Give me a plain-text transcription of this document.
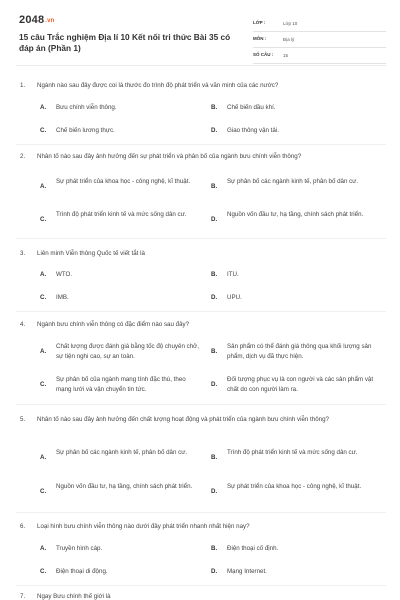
2048.vn
15 câu Trắc nghiệm Địa lí 10 Kết nối tri thức Bài 35 có đáp án (Phần 1)
LỚP :	Lớp 10
MÔN :	Địa lý
SỐ CÂU : 15
1. Ngành nào sau đây được coi là thước đo trình độ phát triển và văn minh của các nước?
A. Bưu chính viễn thông.	B. Chế biến dầu khí.
C. Chế biến lương thực.	D. Giao thông vận tải.
2. Nhân tố nào sau đây ảnh hưởng đến sự phát triển và phân bố của ngành bưu chính viễn thông?
A.
Sự phát triển của khoa học - công nghệ, kĩ thuật.
B.
Sự phân bố các ngành kinh tế, phân bố dân cư.
C.
Trình độ phát triển kinh tế và mức sống dân cư.
D.
Nguồn vốn đầu tư, hạ tầng, chính sách phát triển.
3. Liên minh Viễn thông Quốc tế viết tắt là
A. WTO.	B. ITU.
C. IMB.	D. UPU.
4. Ngành bưu chính viễn thông có đặc điểm nào sau đây?
A.
Chất lượng được đánh giá bằng tốc độ chuyên chở, sự tiện nghi cao, sự an toàn.
B.
Sản phẩm có thể đánh giá thông qua khối lượng sản phẩm, dịch vụ đã thực hiện.
C.
Sự phân bố của ngành mang tính đặc thù, theo mạng lưới và vận chuyển tin tức.
D.
Đối tượng phục vụ là con người và các sản phẩm vật chất do con người làm ra.
5. Nhân tố nào sau đây ảnh hưởng đến chất lượng hoạt động và phát triển của ngành bưu chính viễn thông?
A.
Sự phân bố các ngành kinh tế, phân bố dân cư.
B.
Trình độ phát triển kinh tế và mức sống dân cư.
C.
Nguồn vốn đầu tư, hạ tầng, chính sách phát triển.
D.
Sự phát triển của khoa học - công nghệ, kĩ thuật.
6. Loại hình bưu chính viễn thông nào dưới đây phát triển nhanh nhất hiện nay?
A. Truyền hình cáp.	B. Điện thoại cố định.
C. Điện thoại di động.	D. Mạng Internet.
7. Ngay Bưu chính thế giới là
